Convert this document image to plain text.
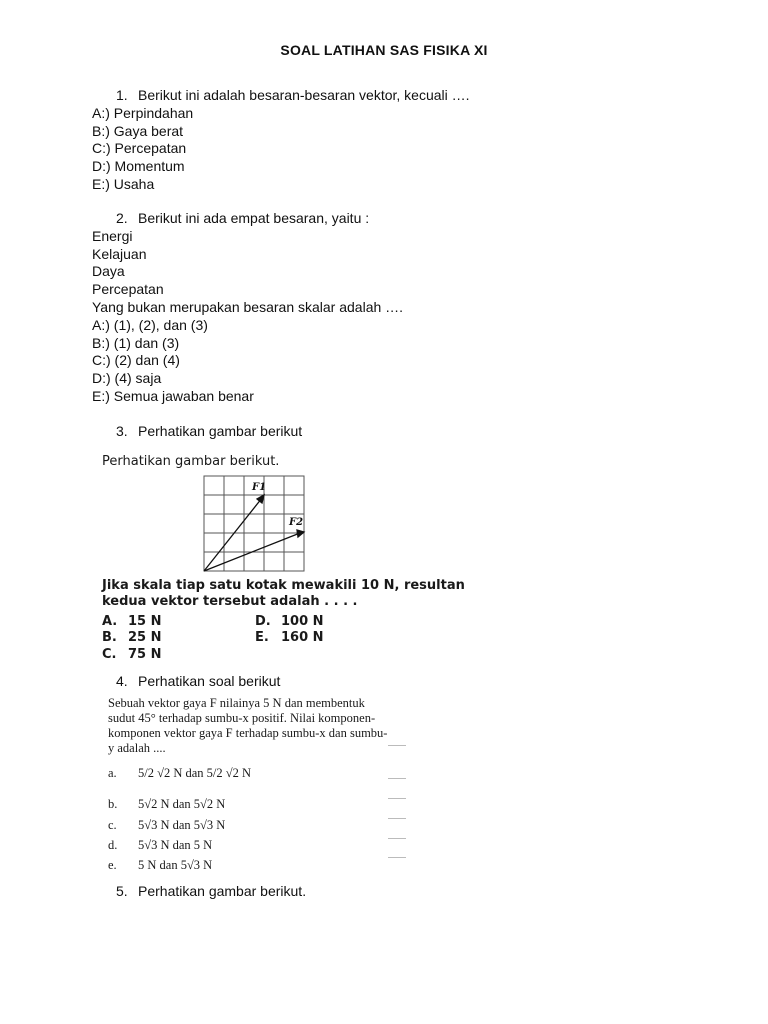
SOAL LATIHAN SAS FISIKA XI
1. Berikut ini adalah besaran-besaran vektor, kecuali ….
A:) Perpindahan
B:) Gaya berat
C:) Percepatan
D:) Momentum
E:) Usaha
2. Berikut ini ada empat besaran, yaitu :
Energi
Kelajuan
Daya
Percepatan
Yang bukan merupakan besaran skalar adalah ….
A:) (1), (2), dan (3)
B:) (1) dan (3)
C:) (2) dan (4)
D:) (4) saja
E:) Semua jawaban benar
3. Perhatikan gambar berikut
Perhatikan gambar berikut.
F1
F2
Jika skala tiap satu kotak mewakili 10 N, resultan
kedua vektor tersebut adalah . . . .
A. 15 N
B. 25 N
C. 75 N
D. 100 N
E. 160 N
4. Perhatikan soal berikut
Sebuah vektor gaya F nilainya 5 N dan membentuk
sudut 45° terhadap sumbu-x positif. Nilai komponen-
komponen vektor gaya F terhadap sumbu-x dan sumbu-
y adalah ....
a. 5/2 √2 N dan 5/2 √2 N
b. 5√2 N dan 5√2 N
c. 5√3 N dan 5√3 N
d. 5√3 N dan 5 N
e. 5 N dan 5√3 N
5. Perhatikan gambar berikut.
